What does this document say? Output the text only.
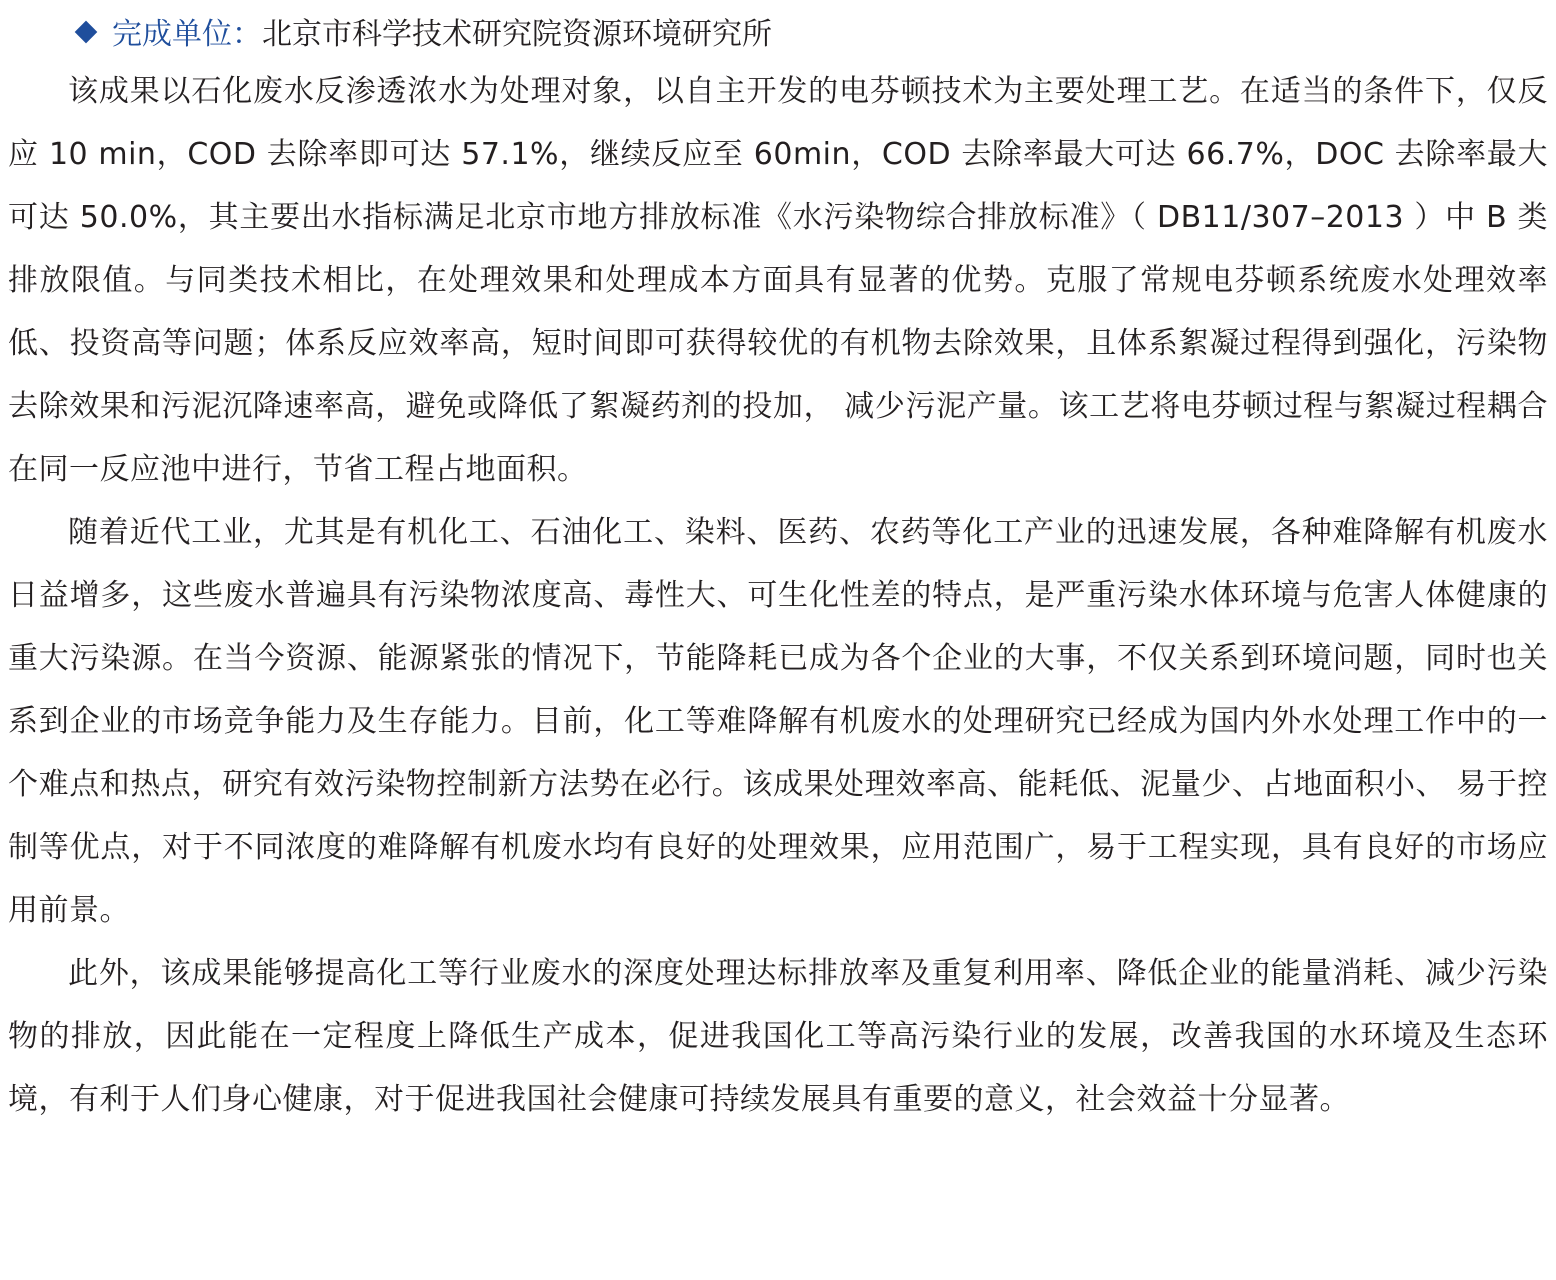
完成单位：北京市科学技术研究院资源环境研究所

该成果以石化废水反渗透浓水为处理对象，以自主开发的电芬顿技术为主要处理工艺。在适当的条件下，仅反应 10 min，COD 去除率即可达 57.1%，继续反应至 60min，COD 去除率最大可达 66.7%，DOC 去除率最大可达 50.0%，其主要出水指标满足北京市地方排放标准《水污染物综合排放标准》（ DB11/307–2013 ）中 B 类排放限值。与同类技术相比，在处理效果和处理成本方面具有显著的优势。克服了常规电芬顿系统废水处理效率低、投资高等问题；体系反应效率高，短时间即可获得较优的有机物去除效果，且体系絮凝过程得到强化，污染物去除效果和污泥沉降速率高，避免或降低了絮凝药剂的投加， 减少污泥产量。该工艺将电芬顿过程与絮凝过程耦合在同一反应池中进行，节省工程占地面积。

随着近代工业，尤其是有机化工、石油化工、染料、医药、农药等化工产业的迅速发展，各种难降解有机废水日益增多，这些废水普遍具有污染物浓度高、毒性大、可生化性差的特点，是严重污染水体环境与危害人体健康的重大污染源。在当今资源、能源紧张的情况下，节能降耗已成为各个企业的大事，不仅关系到环境问题，同时也关系到企业的市场竞争能力及生存能力。目前，化工等难降解有机废水的处理研究已经成为国内外水处理工作中的一个难点和热点，研究有效污染物控制新方法势在必行。该成果处理效率高、能耗低、泥量少、占地面积小、 易于控制等优点，对于不同浓度的难降解有机废水均有良好的处理效果，应用范围广，易于工程实现，具有良好的市场应用前景。

此外，该成果能够提高化工等行业废水的深度处理达标排放率及重复利用率、降低企业的能量消耗、减少污染物的排放，因此能在一定程度上降低生产成本，促进我国化工等高污染行业的发展，改善我国的水环境及生态环境，有利于人们身心健康，对于促进我国社会健康可持续发展具有重要的意义，社会效益十分显著。
